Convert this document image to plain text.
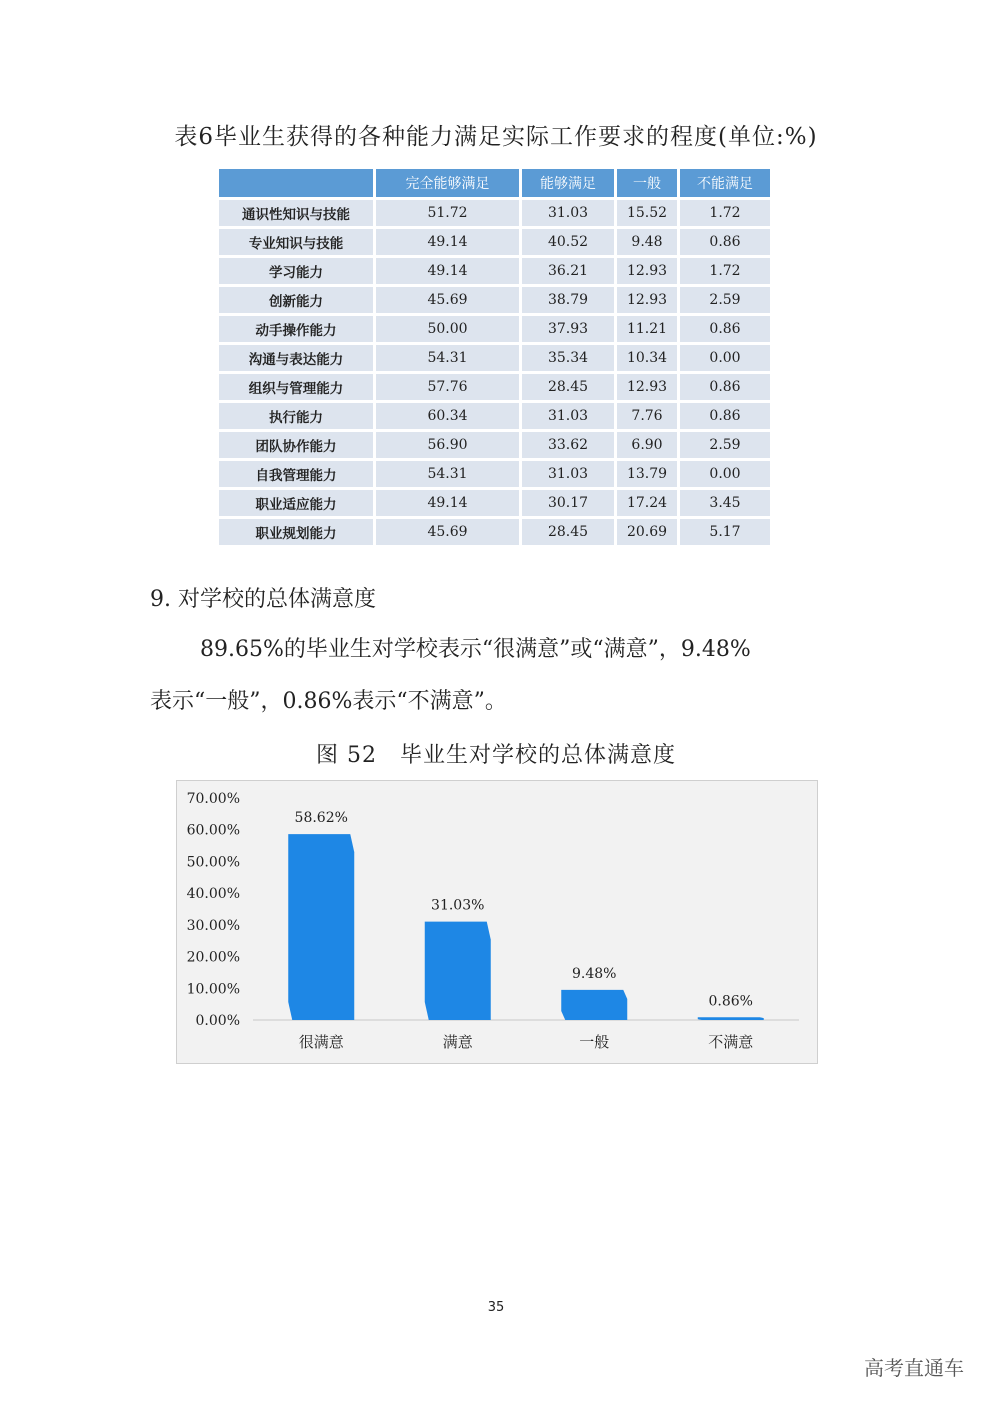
表6毕业生获得的各种能力满足实际工作要求的程度(单位:%)
	完全能够满足	能够满足	一般	不能满足
通识性知识与技能	51.72	31.03	15.52	1.72
专业知识与技能	49.14	40.52	9.48	0.86
学习能力	49.14	36.21	12.93	1.72
创新能力	45.69	38.79	12.93	2.59
动手操作能力	50.00	37.93	11.21	0.86
沟通与表达能力	54.31	35.34	10.34	0.00
组织与管理能力	57.76	28.45	12.93	0.86
执行能力	60.34	31.03	7.76	0.86
团队协作能力	56.90	33.62	6.90	2.59
自我管理能力	54.31	31.03	13.79	0.00
职业适应能力	49.14	30.17	17.24	3.45
职业规划能力	45.69	28.45	20.69	5.17
9. 对学校的总体满意度
89.65%的毕业生对学校表示“很满意”或“满意”，9.48%
表示“一般”，0.86%表示“不满意”。
图 52　毕业生对学校的总体满意度
0.00%
10.00%
20.00%
30.00%
40.00%
50.00%
60.00%
70.00%
58.62%
很满意
31.03%
满意
9.48%
一般
0.86%
不满意
35
高考直通车
